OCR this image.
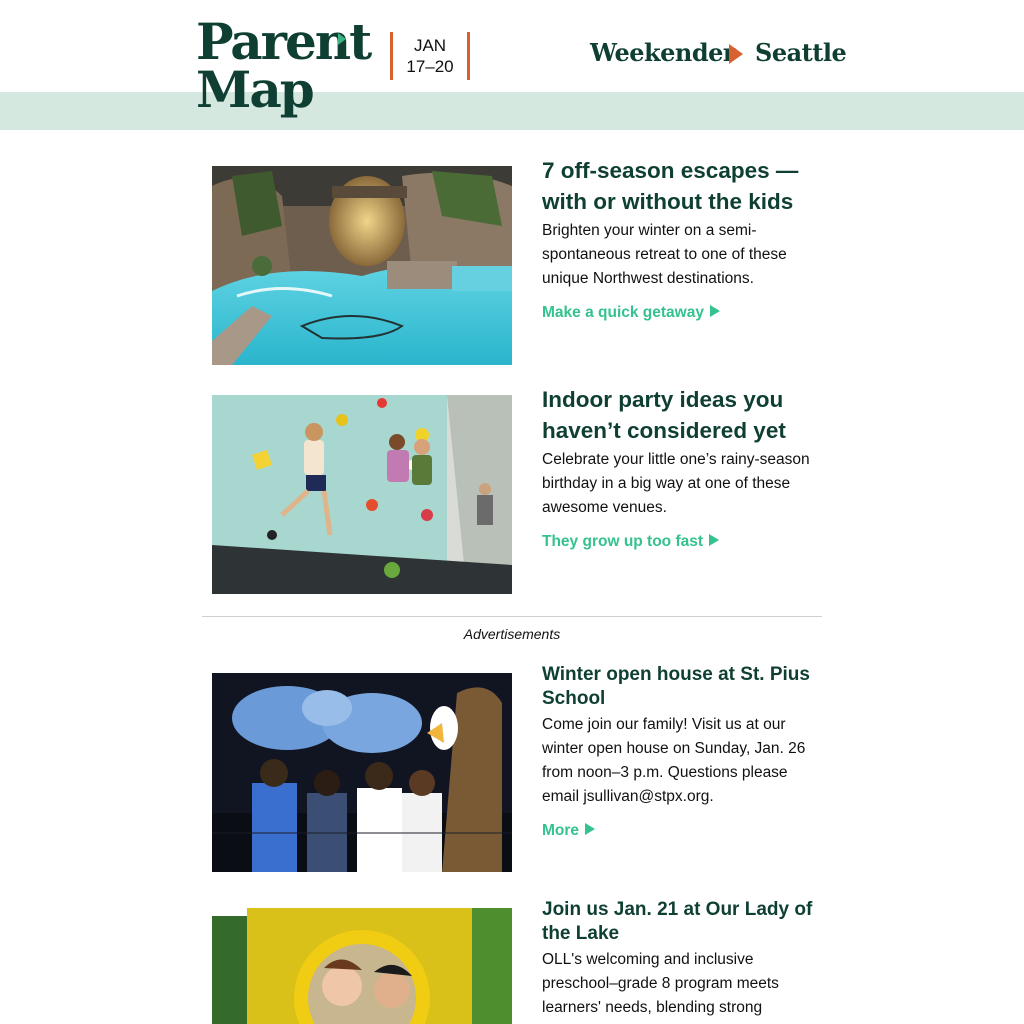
Parent
Map
JAN
17–20	Weekender Seattle
7 off-season escapes — with or without the kids

Brighten your winter on a semi-spontaneous retreat to one of these unique Northwest destinations.

Make a quick getaway
Indoor party ideas you haven’t considered yet

Celebrate your little one’s rainy-season birthday in a big way at one of these awesome venues.

They grow up too fast
Advertisements
Winter open house at St. Pius School

Come join our family! Visit us at our winter open house on Sunday, Jan. 26 from noon–3 p.m. Questions please email jsullivan@stpx.org.

More
Join us Jan. 21 at Our Lady of the Lake

OLL's welcoming and inclusive preschool–grade 8 program meets learners' needs, blending strong
